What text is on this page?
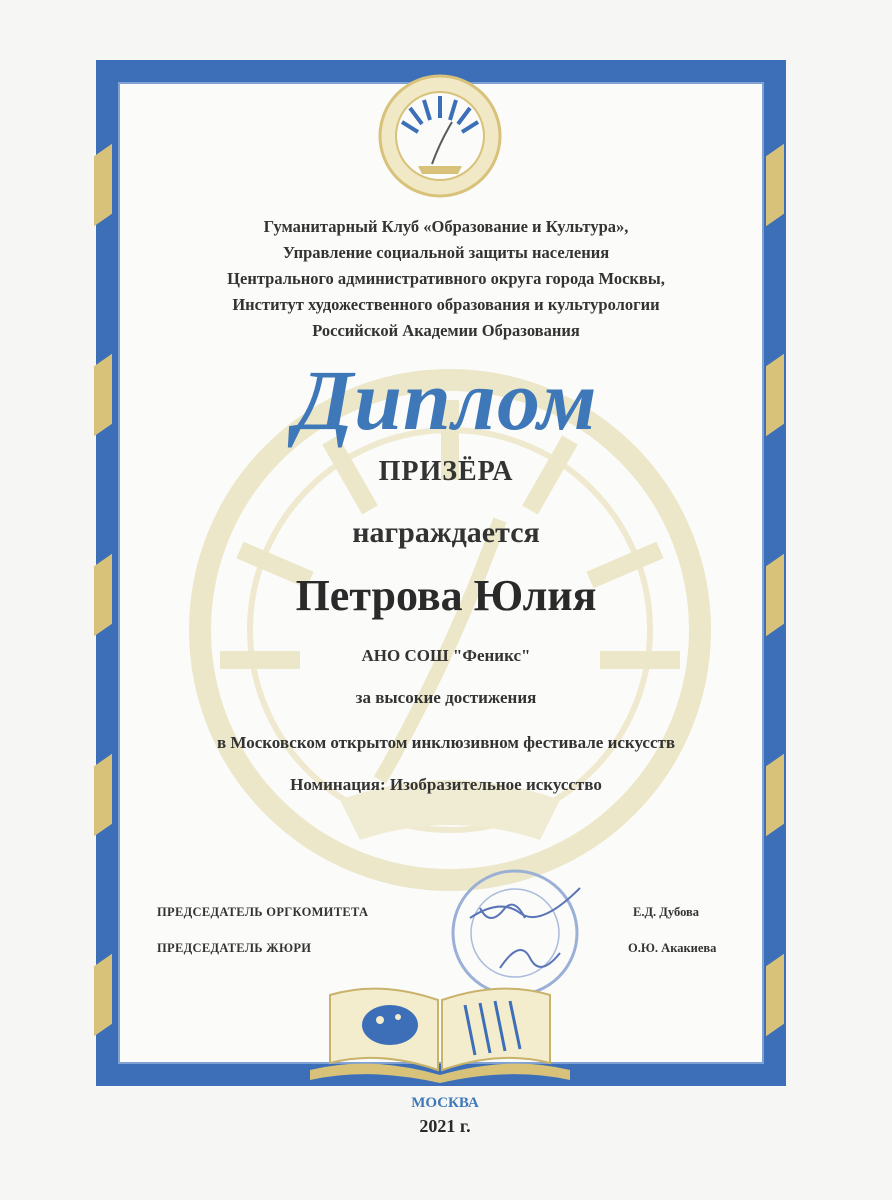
Гуманитарный Клуб «Образование и Культура»,
Управление социальной защиты населения
Центрального административного округа города Москвы,
Институт художественного образования и культурологии
Российской Академии Образования
Диплом
ПРИЗЁРА
награждается
Петрова Юлия
АНО СОШ "Феникс"
за высокие достижения
в Московском открытом инклюзивном фестивале искусств
Номинация: Изобразительное искусство
ПРЕДСЕДАТЕЛЬ ОРГКОМИТЕТА	Е.Д. Дубова
ПРЕДСЕДАТЕЛЬ ЖЮРИ	О.Ю. Акакиева
МОСКВА
2021 г.
